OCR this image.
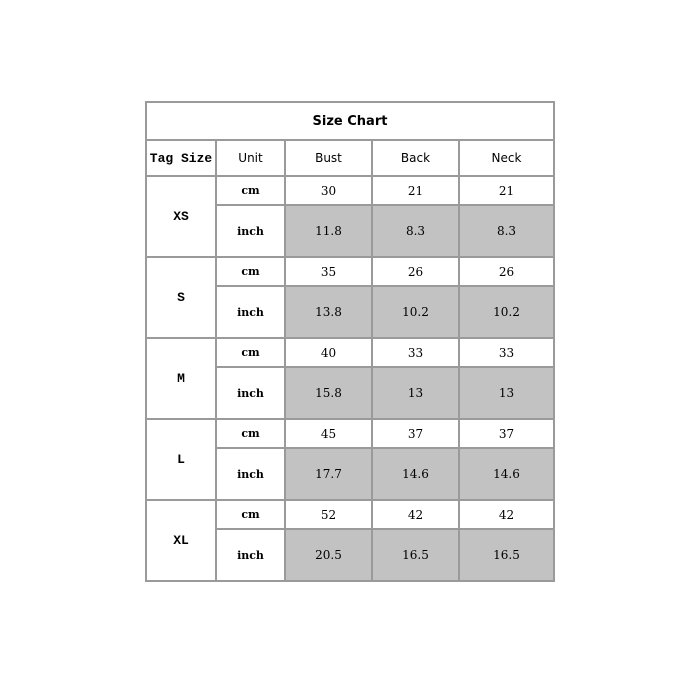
Size Chart				
Tag Size	Unit	Bust	Back	Neck
XS	cm	30	21	21
	inch	11.8	8.3	8.3
S	cm	35	26	26
	inch	13.8	10.2	10.2
M	cm	40	33	33
	inch	15.8	13	13
L	cm	45	37	37
	inch	17.7	14.6	14.6
XL	cm	52	42	42
	inch	20.5	16.5	16.5
